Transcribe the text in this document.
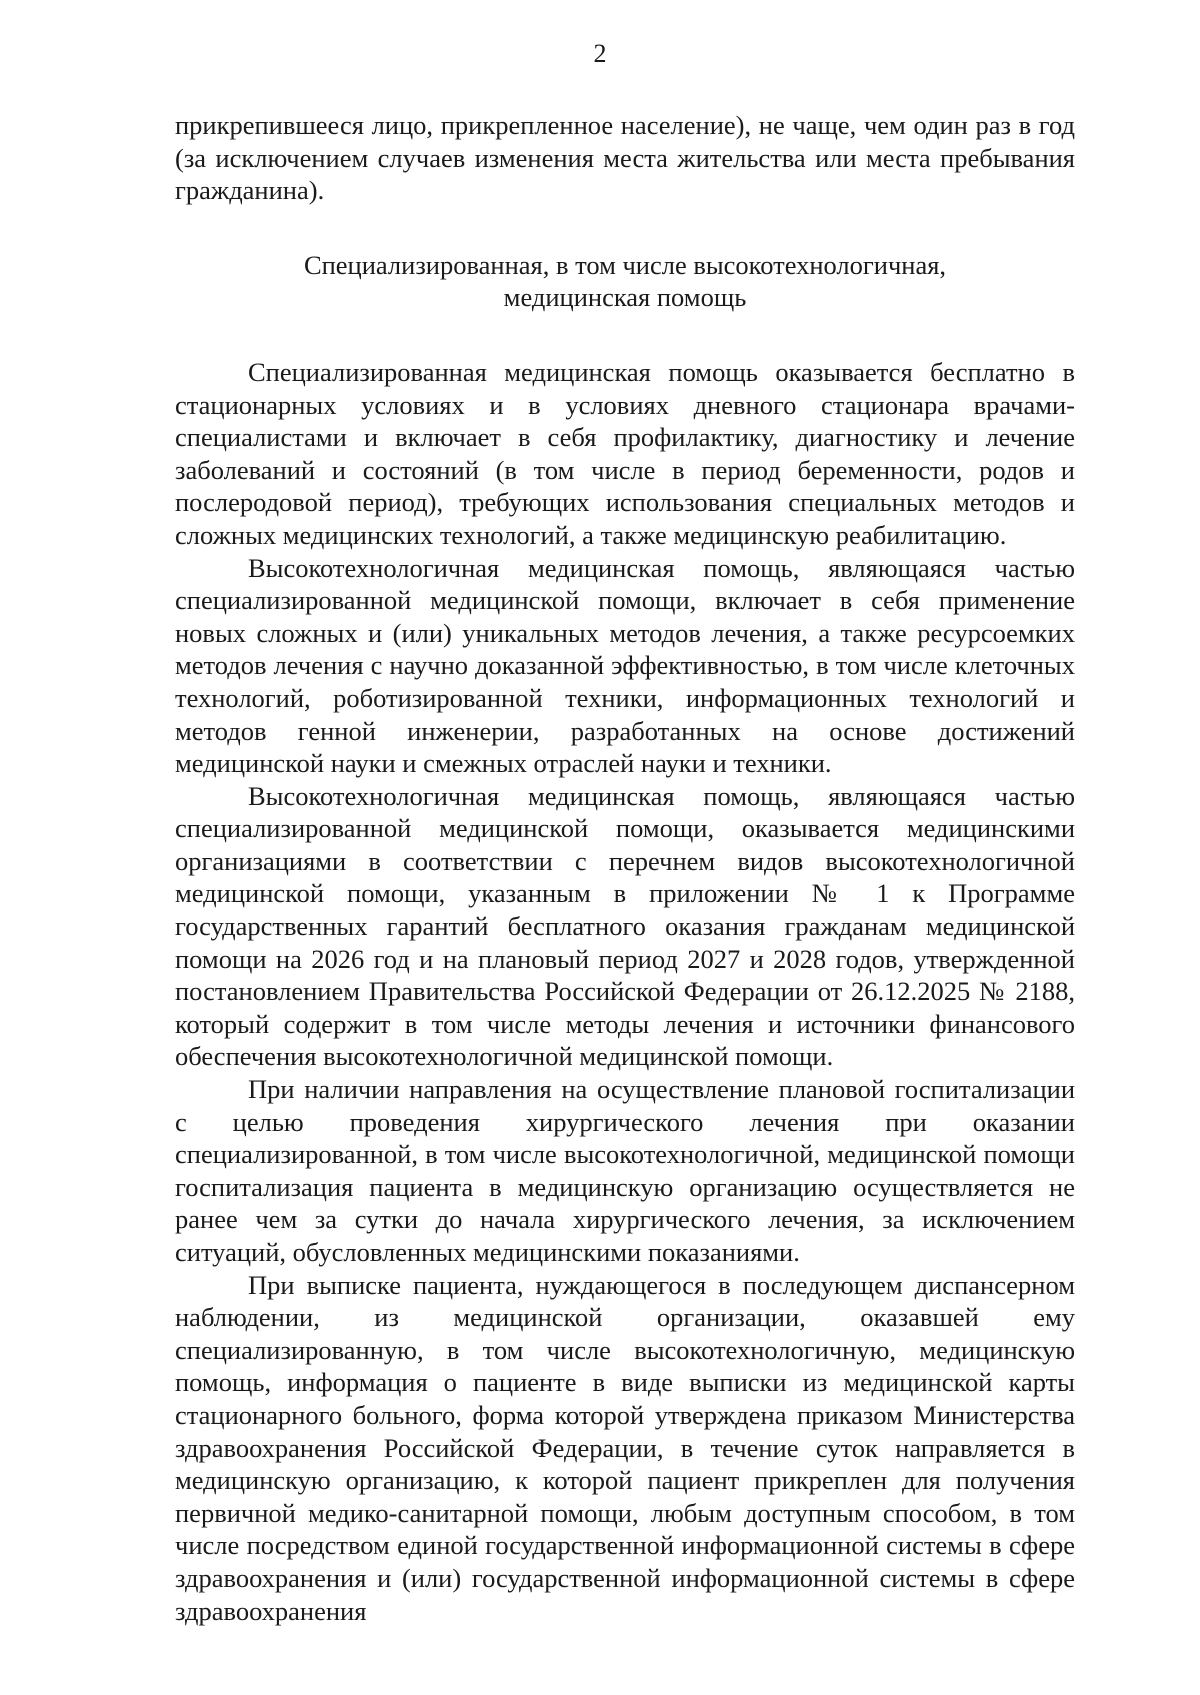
2

прикрепившееся лицо, прикрепленное население), не чаще, чем один раз в год (за исключением случаев изменения места жительства или места пребывания гражданина).

Специализированная, в том числе высокотехнологичная,
медицинская помощь

Специализированная медицинская помощь оказывается бесплатно в стационарных условиях и в условиях дневного стационара врачами-специалистами и включает в себя профилактику, диагностику и лечение заболеваний и состояний (в том числе в период беременности, родов и послеродовой период), требующих использования специальных методов и сложных медицинских технологий, а также медицинскую реабилитацию.

Высокотехнологичная медицинская помощь, являющаяся частью специализированной медицинской помощи, включает в себя применение новых сложных и (или) уникальных методов лечения, а также ресурсоемких методов лечения с научно доказанной эффективностью, в том числе клеточных технологий, роботизированной техники, информационных технологий и методов генной инженерии, разработанных на основе достижений медицинской науки и смежных отраслей науки и техники.

Высокотехнологичная медицинская помощь, являющаяся частью специализированной медицинской помощи, оказывается медицинскими организациями в соответствии с перечнем видов высокотехнологичной медицинской помощи, указанным в приложении № 1 к Программе государственных гарантий бесплатного оказания гражданам медицинской помощи на 2026 год и на плановый период 2027 и 2028 годов, утвержденной постановлением Правительства Российской Федерации от 26.12.2025 № 2188, который содержит в том числе методы лечения и источники финансового обеспечения высокотехнологичной медицинской помощи.

При наличии направления на осуществление плановой госпитализации с целью проведения хирургического лечения при оказании специализированной, в том числе высокотехнологичной, медицинской помощи госпитализация пациента в медицинскую организацию осуществляется не ранее чем за сутки до начала хирургического лечения, за исключением ситуаций, обусловленных медицинскими показаниями.

При выписке пациента, нуждающегося в последующем диспансерном наблюдении, из медицинской организации, оказавшей ему специализированную, в том числе высокотехнологичную, медицинскую помощь, информация о пациенте в виде выписки из медицинской карты стационарного больного, форма которой утверждена приказом Министерства здравоохранения Российской Федерации, в течение суток направляется в медицинскую организацию, к которой пациент прикреплен для получения первичной медико-санитарной помощи, любым доступным способом, в том числе посредством единой государственной информационной системы в сфере здравоохранения и (или) государственной информационной системы в сфере здравоохранения
